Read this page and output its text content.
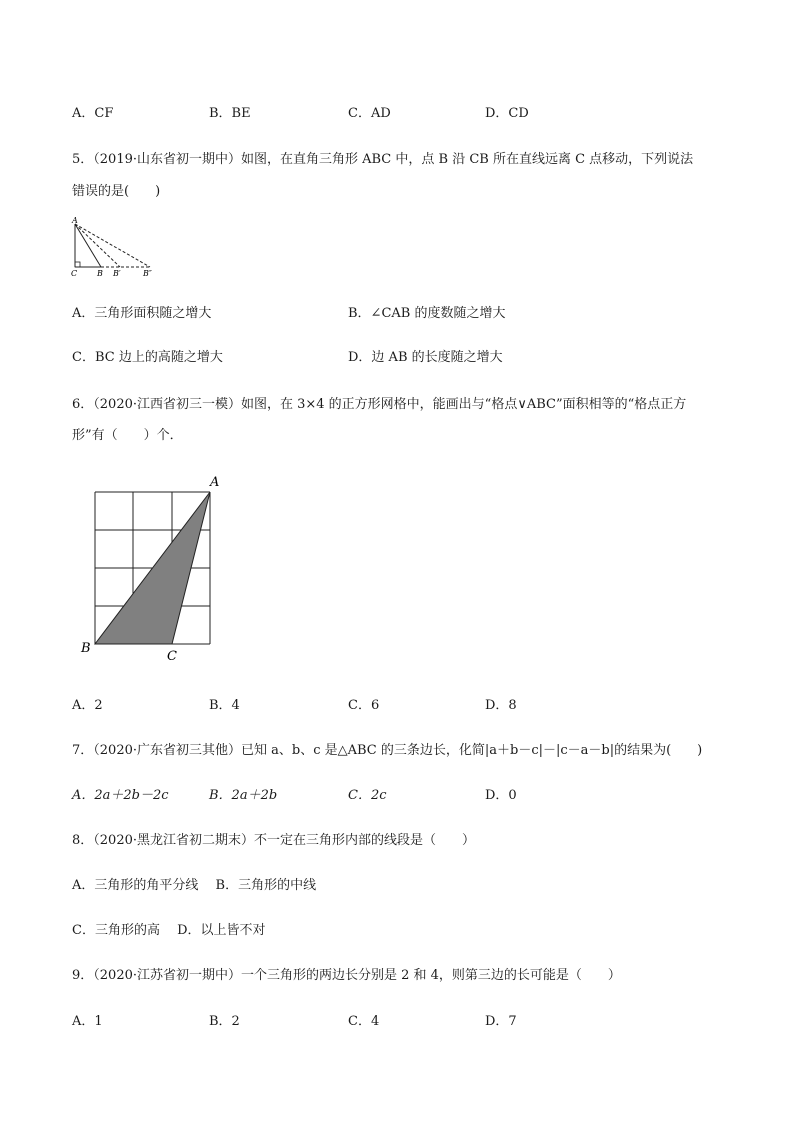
A．CF	B．BE	C．AD	D．CD
5．（2019·山东省初一期中）如图，在直角三角形 ABC 中，点 B 沿 CB 所在直线远离 C 点移动，下列说法
错误的是(　　)
A
C B B′	B″
A．三角形面积随之增大	B．∠CAB 的度数随之增大
C．BC 边上的高随之增大	D．边 AB 的长度随之增大
6．（2020·江西省初三一模）如图，在 3×4 的正方形网格中，能画出与“格点∨ABC”面积相等的“格点正方
形”有（　　）个．
A
B
C
A．2	B．4	C．6	D．8
7．（2020·广东省初三其他）已知 a、b、c 是△ABC 的三条边长，化简|a＋b－c|－|c－a－b|的结果为(　　)
A．2a＋2b－2c	B．2a＋2b	C．2c	D．0
8．（2020·黑龙江省初二期末）不一定在三角形内部的线段是（　　）
A．三角形的角平分线　 B．三角形的中线
C．三角形的高　 D．以上皆不对
9．（2020·江苏省初一期中）一个三角形的两边长分别是 2 和 4，则第三边的长可能是（　　）
A．1	B．2	C．4	D．7
